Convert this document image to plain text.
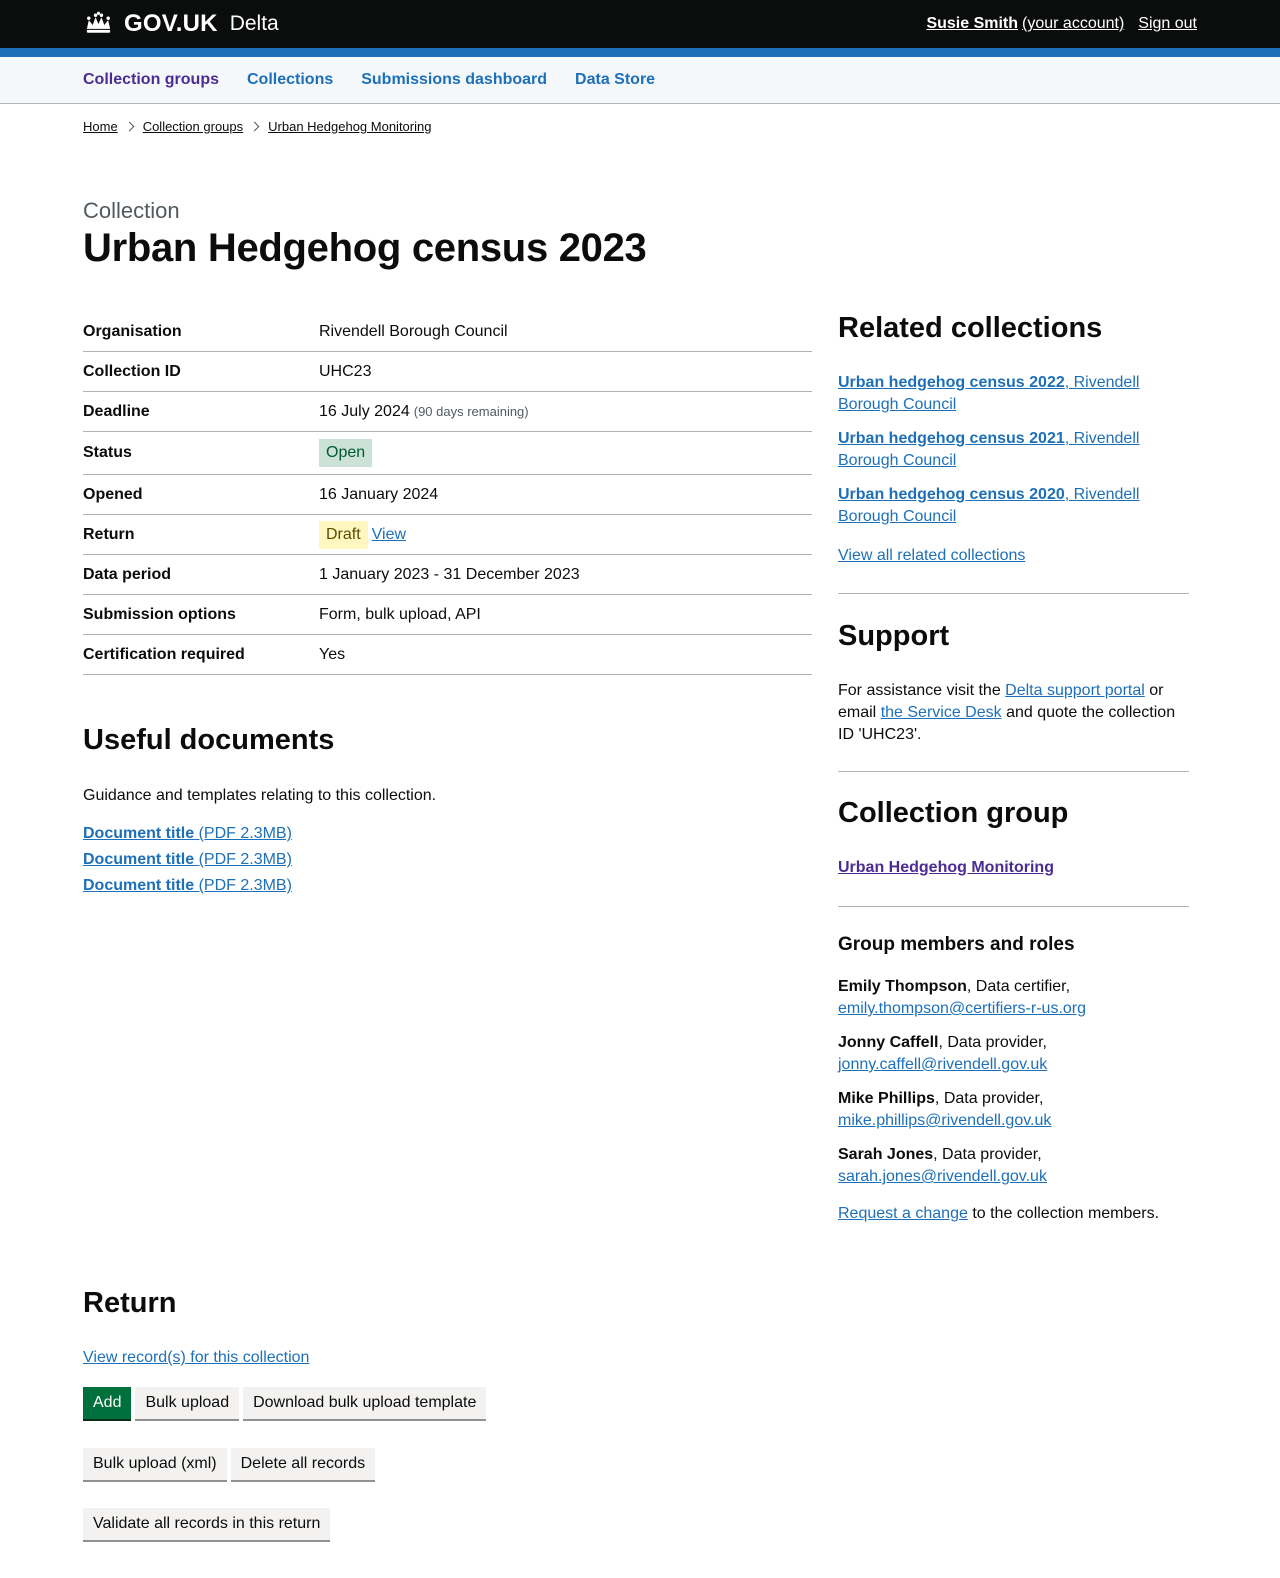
GOV.UK Delta	Susie Smith (your account) Sign out
Collection groups Collections Submissions dashboard Data Store
Home Collection groups Urban Hedgehog Monitoring
Collection
Urban Hedgehog census 2023
Organisation	Rivendell Borough Council
Collection ID	UHC23
Deadline	16 July 2024 (90 days remaining)
Status	Open
Opened	16 January 2024
Return	Draft View
Data period	1 January 2023 - 31 December 2023
Submission options	Form, bulk upload, API
Certification required	Yes
Useful documents

Guidance and templates relating to this collection.

Document title (PDF 2.3MB)
Document title (PDF 2.3MB)
Document title (PDF 2.3MB)
Related collections
Urban hedgehog census 2022, Rivendell Borough Council
Urban hedgehog census 2021, Rivendell Borough Council
Urban hedgehog census 2020, Rivendell Borough Council
View all related collections
Support

For assistance visit the Delta support portal or email the Service Desk and quote the collection ID 'UHC23'.

Collection group
Urban Hedgehog Monitoring
Group members and roles
Emily Thompson, Data certifier,
emily.thompson@certifiers-r-us.org
Jonny Caffell, Data provider,
jonny.caffell@rivendell.gov.uk
Mike Phillips, Data provider,
mike.phillips@rivendell.gov.uk
Sarah Jones, Data provider,
sarah.jones@rivendell.gov.uk

Request a change to the collection members.

Return
View record(s) for this collection
Add	Bulk upload	Download bulk upload template
Bulk upload (xml)	Delete all records
Validate all records in this return
